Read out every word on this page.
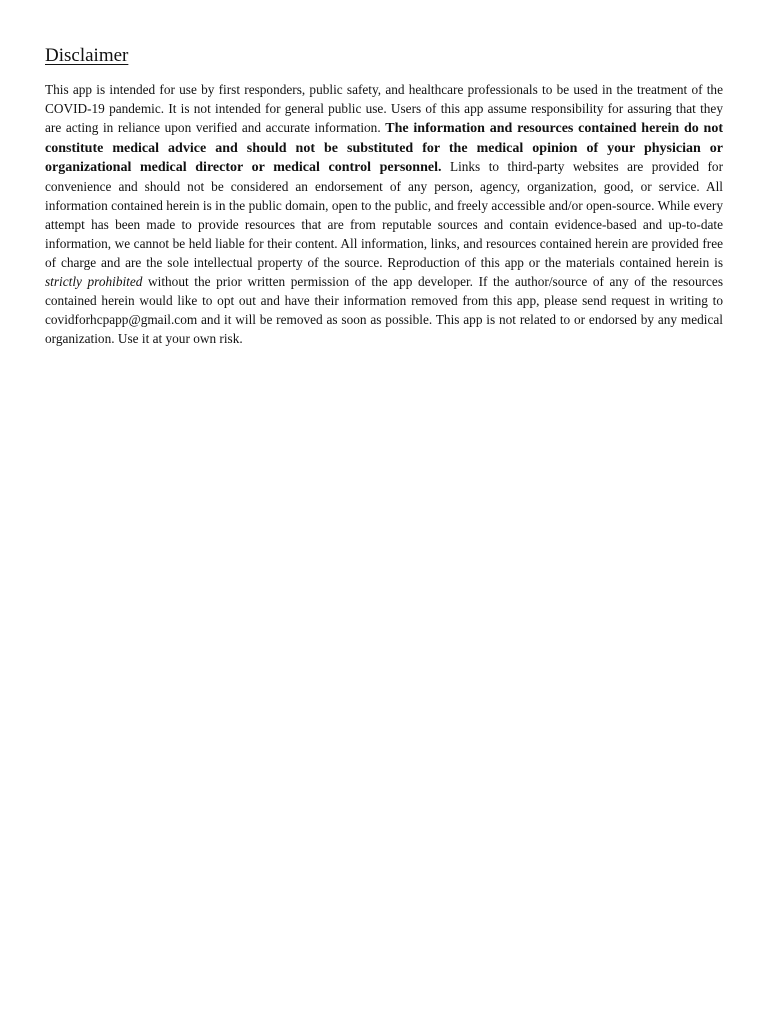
Disclaimer

This app is intended for use by first responders, public safety, and healthcare professionals to be used in the treatment of the COVID-19 pandemic. It is not intended for general public use. Users of this app assume responsibility for assuring that they are acting in reliance upon verified and accurate information. The information and resources contained herein do not constitute medical advice and should not be substituted for the medical opinion of your physician or organizational medical director or medical control personnel. Links to third-party websites are provided for convenience and should not be considered an endorsement of any person, agency, organization, good, or service. All information contained herein is in the public domain, open to the public, and freely accessible and/or open-source. While every attempt has been made to provide resources that are from reputable sources and contain evidence-based and up-to-date information, we cannot be held liable for their content. All information, links, and resources contained herein are provided free of charge and are the sole intellectual property of the source. Reproduction of this app or the materials contained herein is strictly prohibited without the prior written permission of the app developer. If the author/source of any of the resources contained herein would like to opt out and have their information removed from this app, please send request in writing to covidforhcpapp@gmail.com and it will be removed as soon as possible. This app is not related to or endorsed by any medical organization. Use it at your own risk.
